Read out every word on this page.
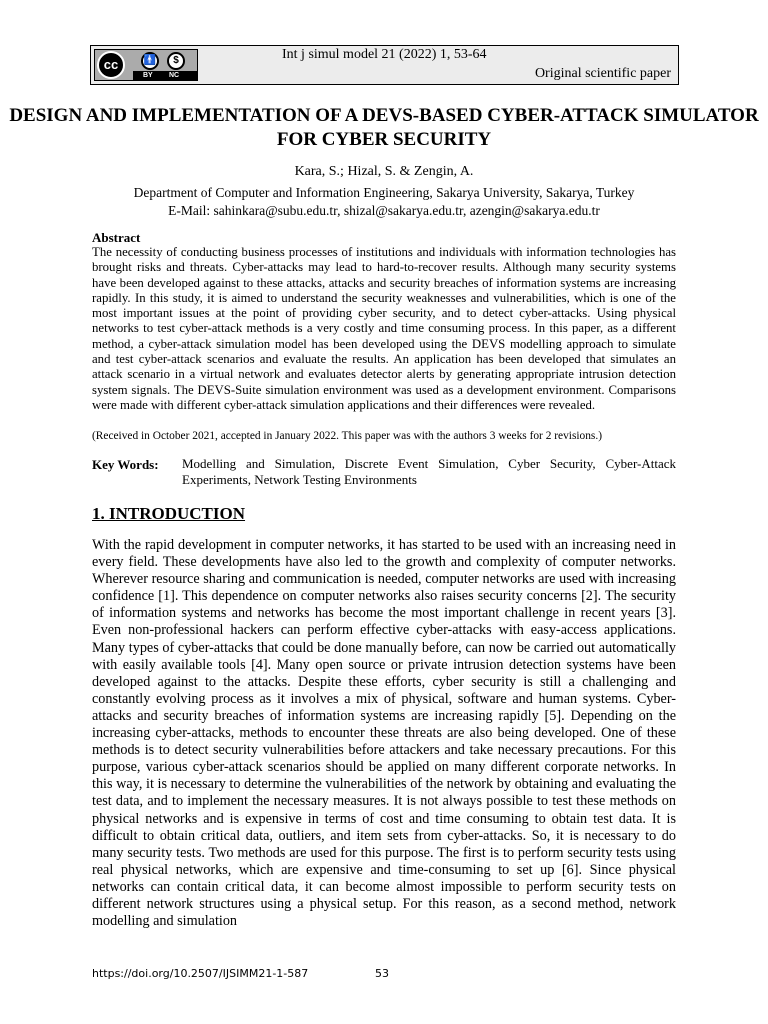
cc	🚹	$
BY NC
Int j simul model 21 (2022) 1, 53-64
Original scientific paper
DESIGN AND IMPLEMENTATION OF A DEVS-BASED CYBER-ATTACK SIMULATOR FOR CYBER SECURITY
Kara, S.; Hizal, S. & Zengin, A.
Department of Computer and Information Engineering, Sakarya University, Sakarya, Turkey
E-Mail: sahinkara@subu.edu.tr, shizal@sakarya.edu.tr, azengin@sakarya.edu.tr
Abstract

The necessity of conducting business processes of institutions and individuals with information technologies has brought risks and threats. Cyber-attacks may lead to hard-to-recover results. Although many security systems have been developed against to these attacks, attacks and security breaches of information systems are increasing rapidly. In this study, it is aimed to understand the security weaknesses and vulnerabilities, which is one of the most important issues at the point of providing cyber security, and to detect cyber-attacks. Using physical networks to test cyber-attack methods is a very costly and time consuming process. In this paper, as a different method, a cyber-attack simulation model has been developed using the DEVS modelling approach to simulate and test cyber-attack scenarios and evaluate the results. An application has been developed that simulates an attack scenario in a virtual network and evaluates detector alerts by generating appropriate intrusion detection system signals. The DEVS-Suite simulation environment was used as a development environment. Comparisons were made with different cyber-attack simulation applications and their differences were revealed.

(Received in October 2021, accepted in January 2022. This paper was with the authors 3 weeks for 2 revisions.)
Key Words: Modelling and Simulation, Discrete Event Simulation, Cyber Security, Cyber-Attack Experiments, Network Testing Environments
1. INTRODUCTION

With the rapid development in computer networks, it has started to be used with an increasing need in every field. These developments have also led to the growth and complexity of computer networks. Wherever resource sharing and communication is needed, computer networks are used with increasing confidence [1]. This dependence on computer networks also raises security concerns [2]. The security of information systems and networks has become the most important challenge in recent years [3]. Even non-professional hackers can perform effective cyber-attacks with easy-access applications. Many types of cyber-attacks that could be done manually before, can now be carried out automatically with easily available tools [4]. Many open source or private intrusion detection systems have been developed against to the attacks. Despite these efforts, cyber security is still a challenging and constantly evolving process as it involves a mix of physical, software and human systems. Cyber-attacks and security breaches of information systems are increasing rapidly [5]. Depending on the increasing cyber-attacks, methods to encounter these threats are also being developed. One of these methods is to detect security vulnerabilities before attackers and take necessary precautions. For this purpose, various cyber-attack scenarios should be applied on many different corporate networks. In this way, it is necessary to determine the vulnerabilities of the network by obtaining and evaluating the test data, and to implement the necessary measures. It is not always possible to test these methods on physical networks and is expensive in terms of cost and time consuming to obtain test data. It is difficult to obtain critical data, outliers, and item sets from cyber-attacks. So, it is necessary to do many security tests. Two methods are used for this purpose. The first is to perform security tests using real physical networks, which are expensive and time-consuming to set up [6]. Since physical networks can contain critical data, it can become almost impossible to perform security tests on different network structures using a physical setup. For this reason, as a second method, network modelling and simulation

https://doi.org/10.2507/IJSIMM21-1-587	53
